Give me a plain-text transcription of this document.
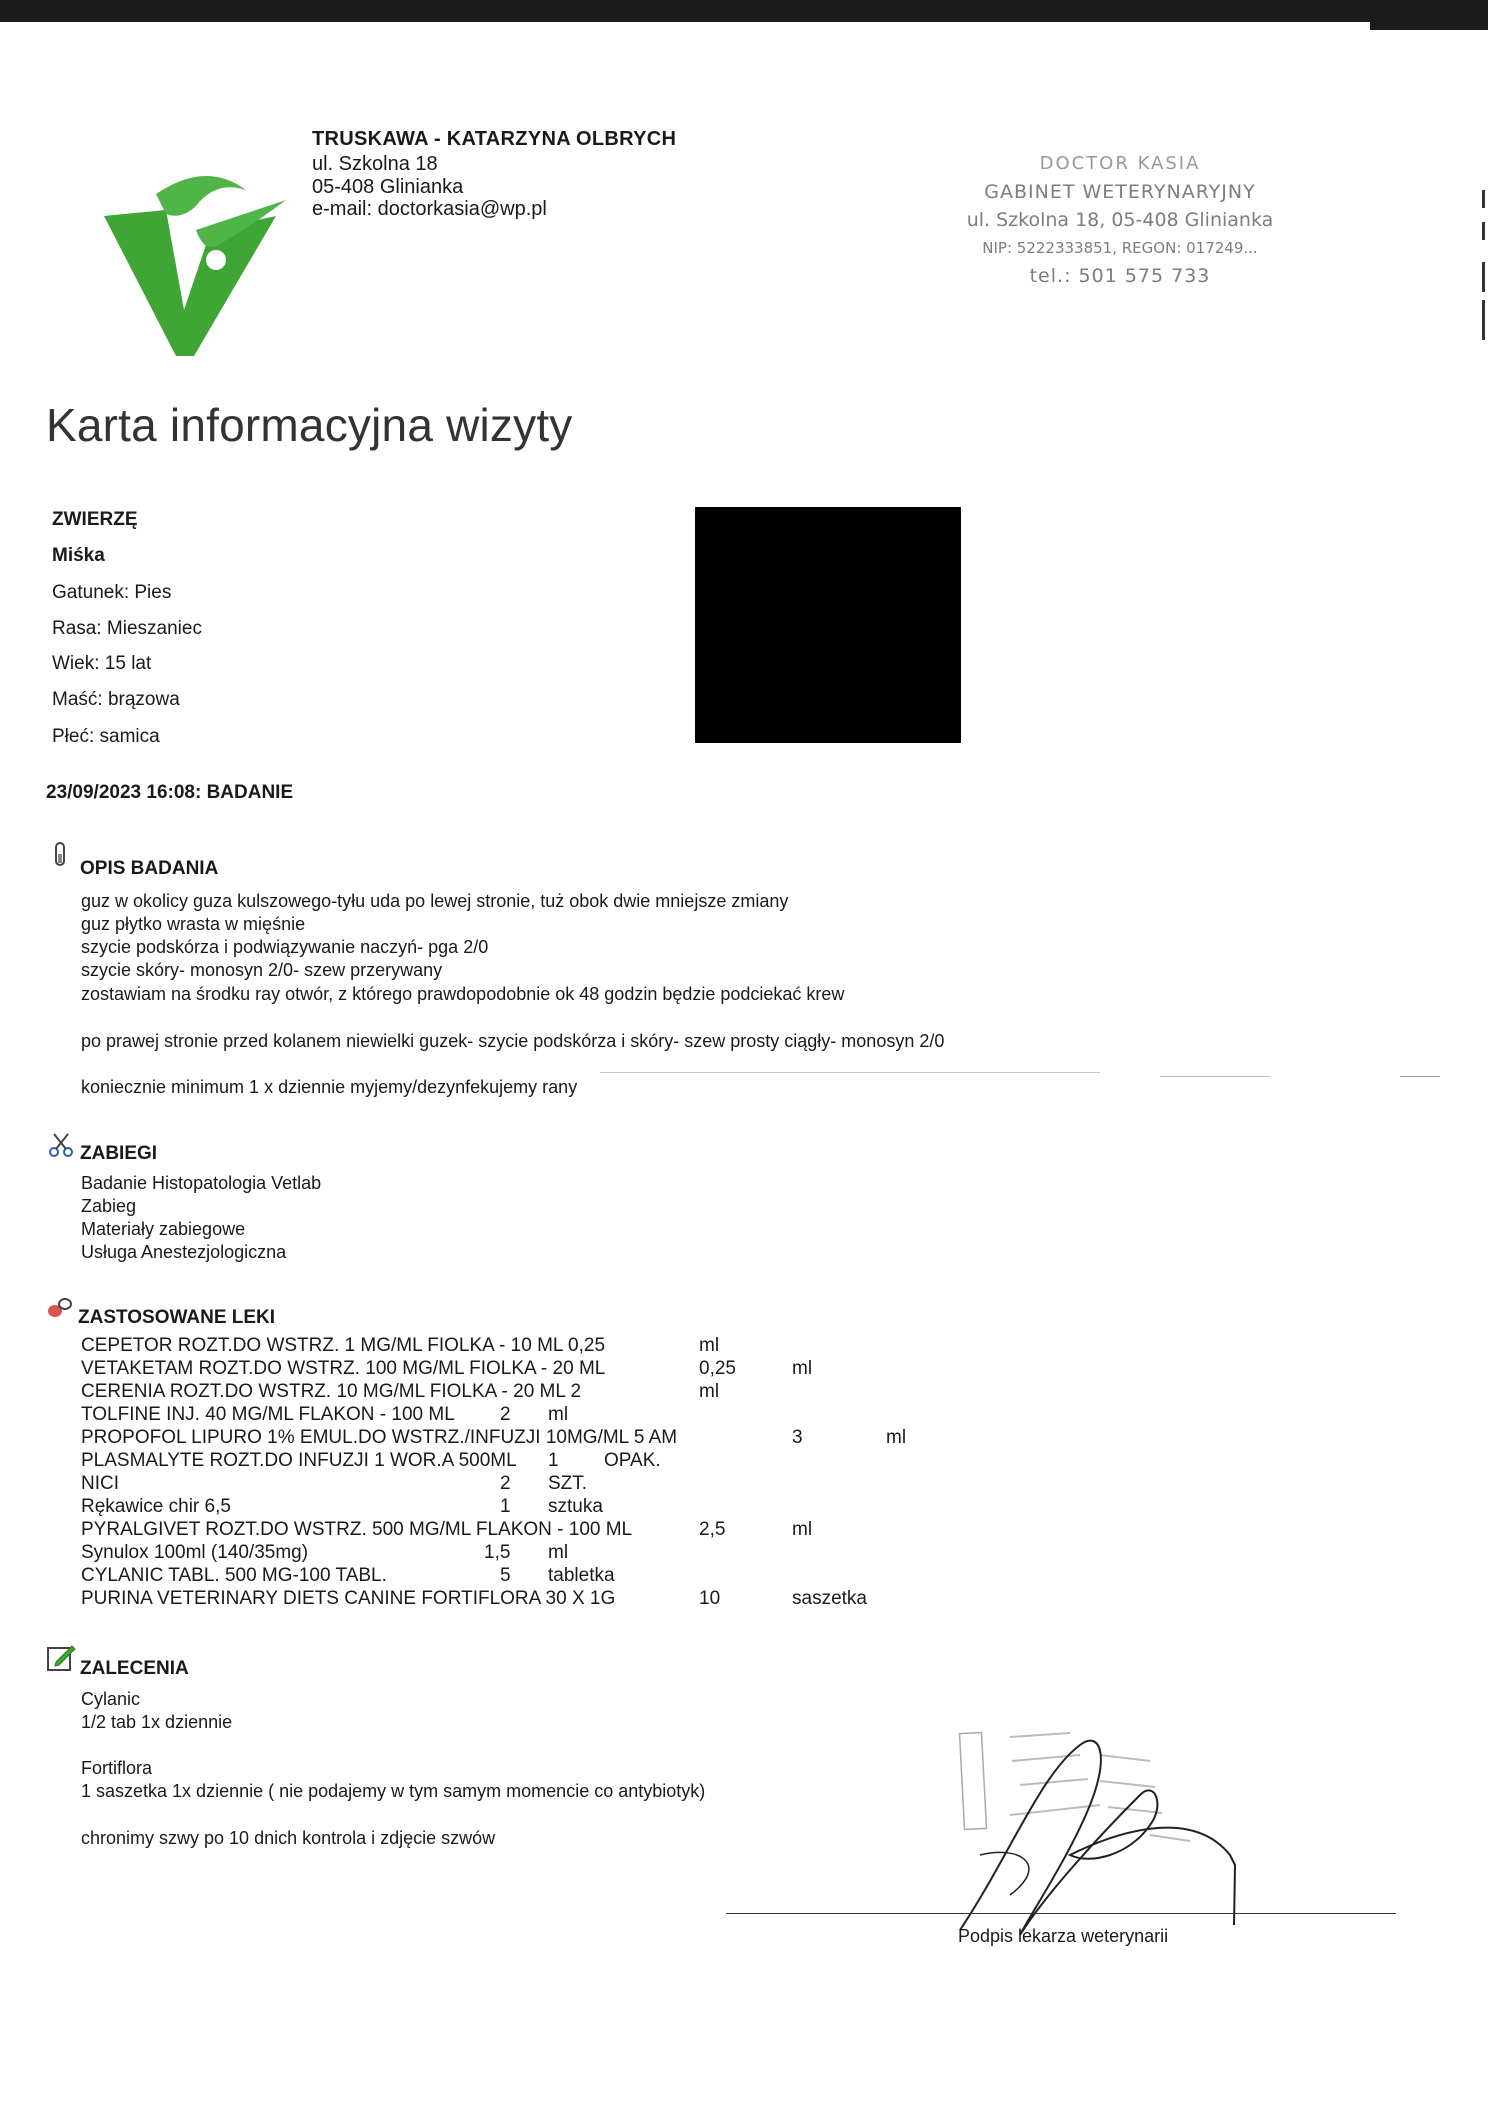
TRUSKAWA - KATARZYNA OLBRYCH
ul. Szkolna 18
05-408 Glinianka
e-mail: doctorkasia@wp.pl
DOCTOR KASIA
GABINET WETERYNARYJNY
ul. Szkolna 18, 05-408 Glinianka
NIP: 5222333851, REGON: 017249...
tel.: 501 575 733
Karta informacyjna wizyty
ZWIERZĘ
Miśka
Gatunek: Pies
Rasa: Mieszaniec
Wiek: 15 lat
Maść: brązowa
Płeć: samica
23/09/2023 16:08: BADANIE
OPIS BADANIA
guz w okolicy guza kulszowego-tyłu uda po lewej stronie, tuż obok dwie mniejsze zmiany
guz płytko wrasta w mięśnie
szycie podskórza i podwiązywanie naczyń- pga 2/0
szycie skóry- monosyn 2/0- szew przerywany
zostawiam na środku ray otwór, z którego prawdopodobnie ok 48 godzin będzie podciekać krew
po prawej stronie przed kolanem niewielki guzek- szycie podskórza i skóry- szew prosty ciągły- monosyn 2/0
koniecznie minimum 1 x dziennie myjemy/dezynfekujemy rany
ZABIEGI
Badanie Histopatologia Vetlab
Zabieg
Materiały zabiegowe
Usługa Anestezjologiczna
ZASTOSOWANE LEKI
CEPETOR ROZT.DO WSTRZ. 1 MG/ML FIOLKA - 10 ML 0,25	ml
VETAKETAM ROZT.DO WSTRZ. 100 MG/ML FIOLKA - 20 ML	0,25	ml
CERENIA ROZT.DO WSTRZ. 10 MG/ML FIOLKA - 20 ML 2	ml
TOLFINE INJ. 40 MG/ML FLAKON - 100 ML 2 ml
PROPOFOL LIPURO 1% EMUL.DO WSTRZ./INFUZJI 10MG/ML 5 AM	3	ml
PLASMALYTE ROZT.DO INFUZJI 1 WOR.A 500ML 1 OPAK.
NICI	2 SZT.
Rękawice chir 6,5	1 sztuka
PYRALGIVET ROZT.DO WSTRZ. 500 MG/ML FLAKON - 100 ML	2,5	ml
Synulox 100ml (140/35mg)	1,5 ml
CYLANIC TABL. 500 MG-100 TABL.	5 tabletka
PURINA VETERINARY DIETS CANINE FORTIFLORA 30 X 1G	10	saszetka
ZALECENIA
Cylanic
1/2 tab 1x dziennie
Fortiflora
1 saszetka 1x dziennie ( nie podajemy w tym samym momencie co antybiotyk)
chronimy szwy po 10 dnich kontrola i zdjęcie szwów
Podpis lekarza weterynarii
